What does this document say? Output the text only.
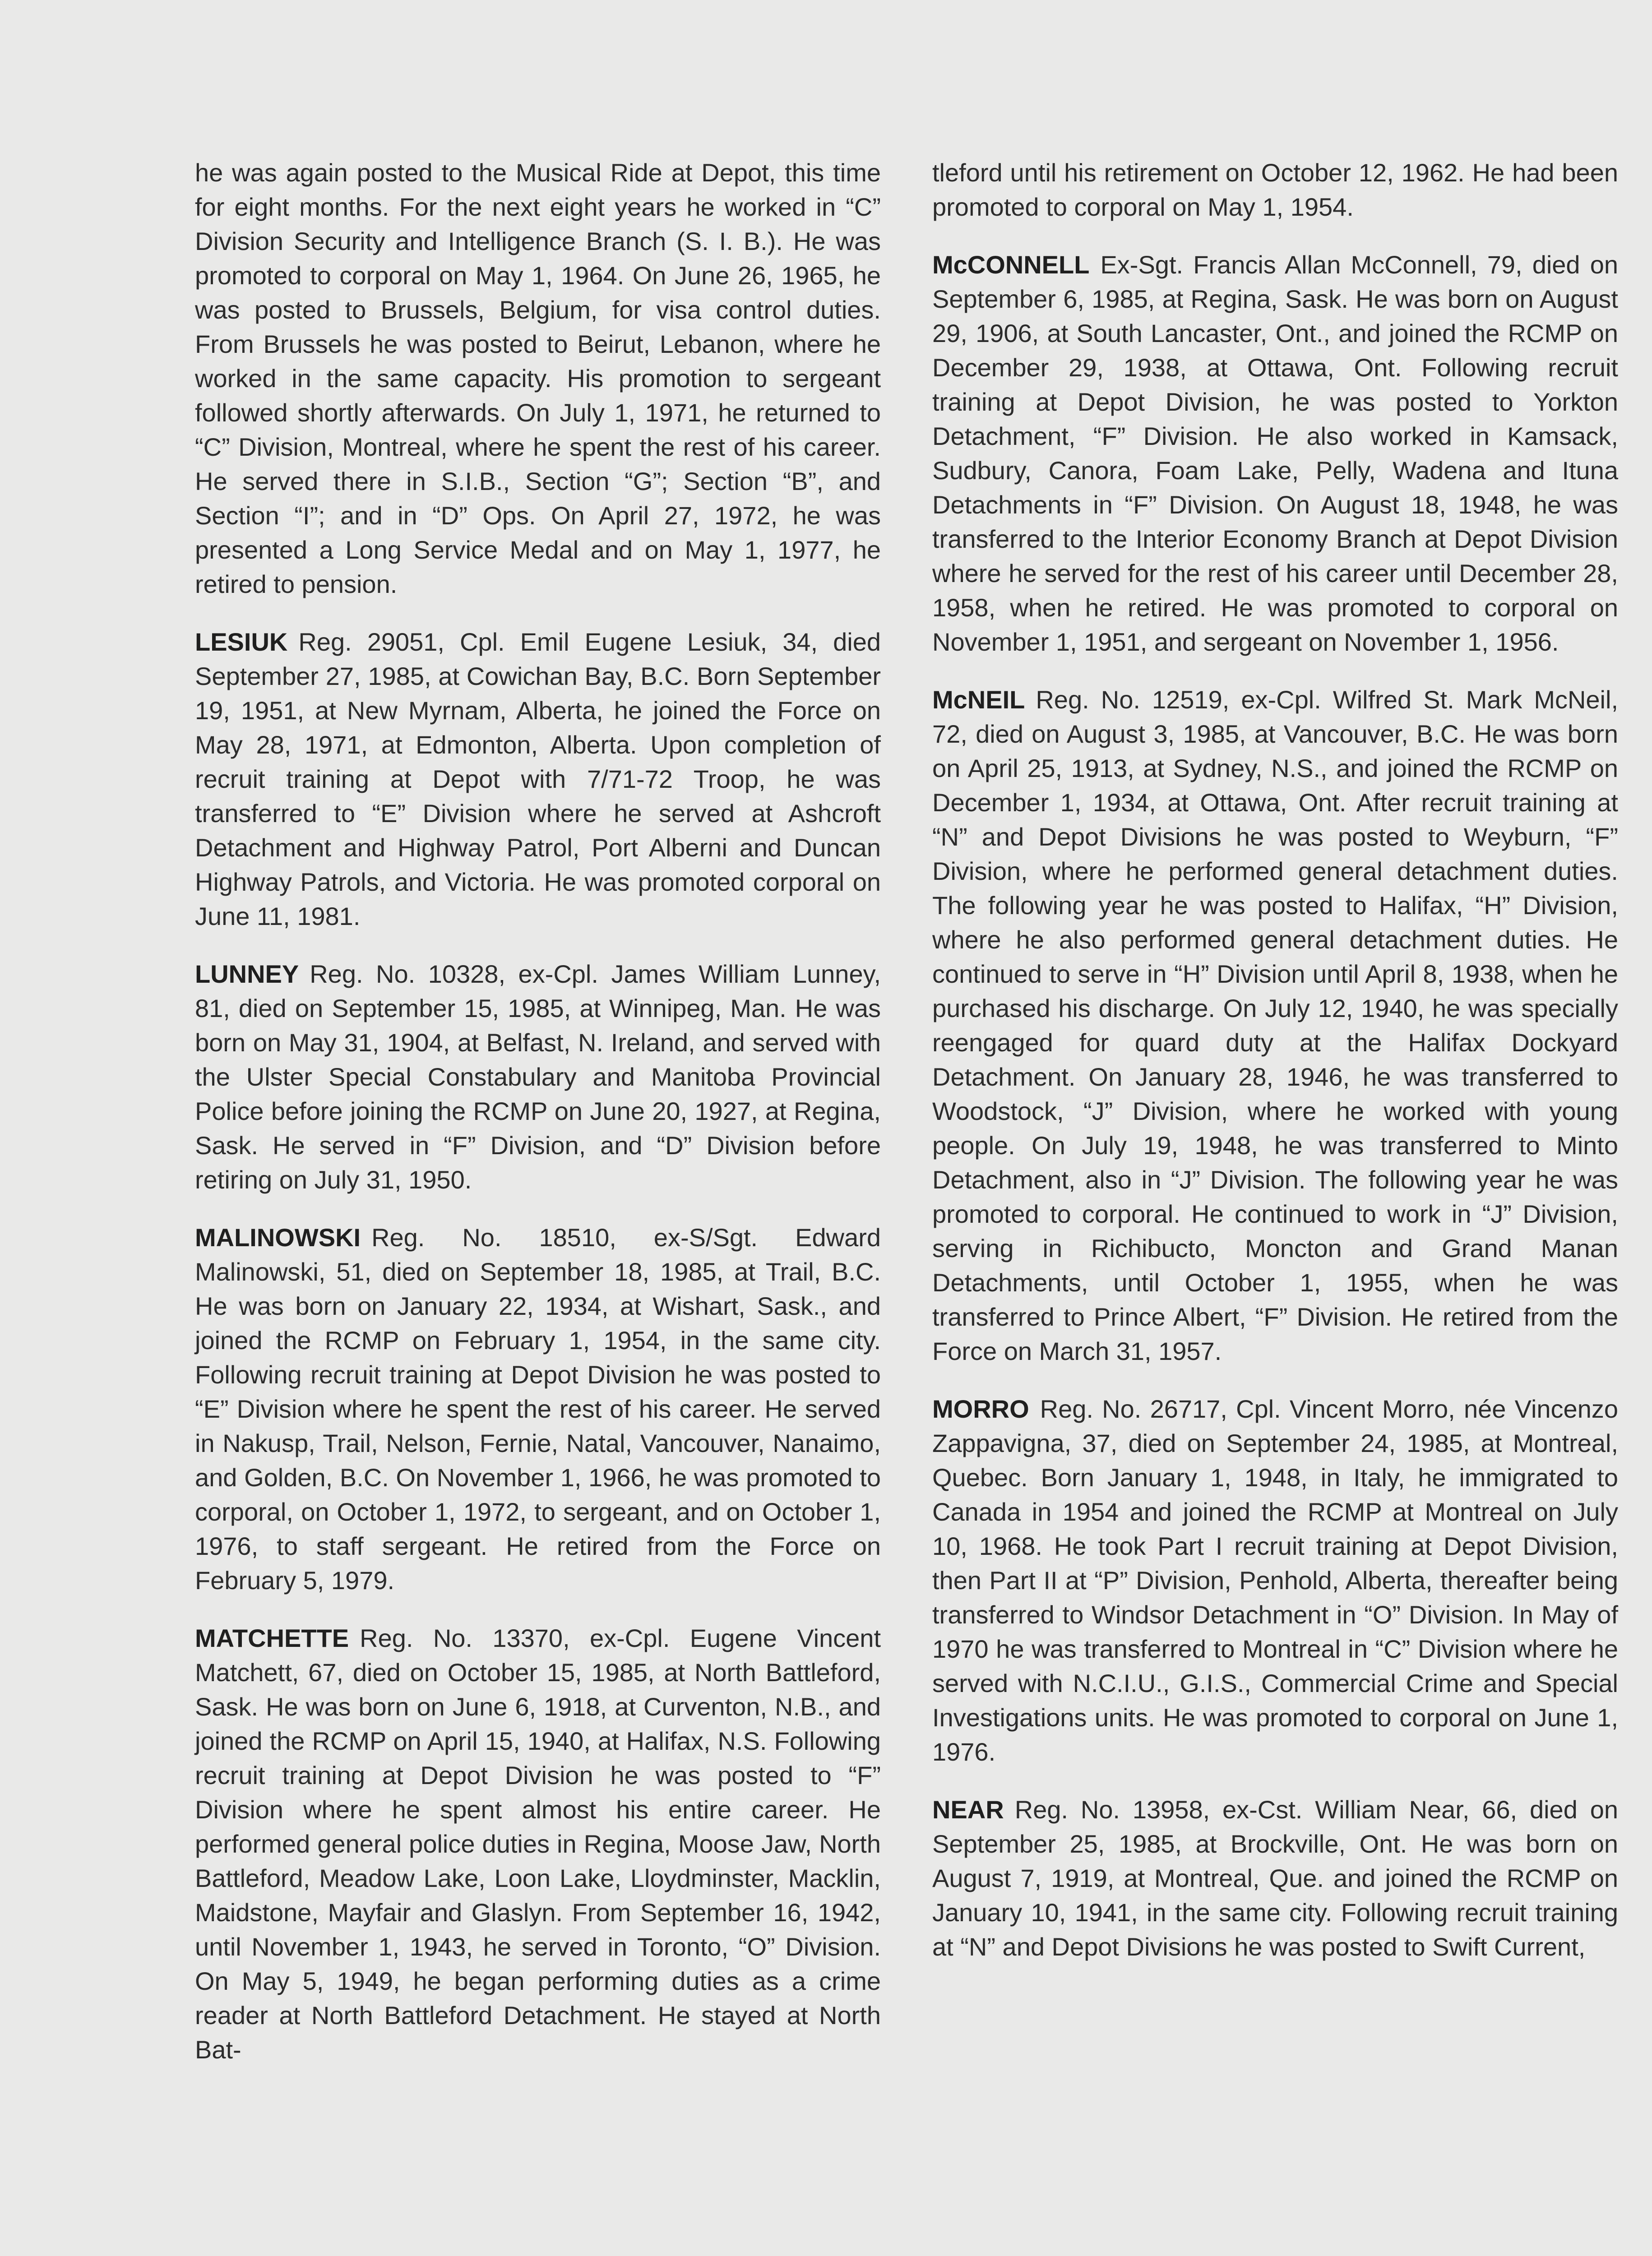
he was again posted to the Musical Ride at Depot, this time for eight months. For the next eight years he worked in “C” Division Security and Intelligence Branch (S. I. B.). He was promoted to corporal on May 1, 1964. On June 26, 1965, he was posted to Brussels, Belgium, for visa control duties. From Brussels he was posted to Beirut, Lebanon, where he worked in the same capacity. His promotion to sergeant followed shortly afterwards. On July 1, 1971, he returned to “C” Division, Montreal, where he spent the rest of his career. He served there in S.I.B., Section “G”; Section “B”, and Section “I”; and in “D” Ops. On April 27, 1972, he was presented a Long Service Medal and on May 1, 1977, he retired to pension.

LESIUK Reg. 29051, Cpl. Emil Eugene Lesiuk, 34, died September 27, 1985, at Cowichan Bay, B.C. Born September 19, 1951, at New Myrnam, Alberta, he joined the Force on May 28, 1971, at Edmonton, Alberta. Upon completion of recruit training at Depot with 7/71-72 Troop, he was transferred to “E” Division where he served at Ashcroft Detachment and Highway Patrol, Port Alberni and Duncan Highway Patrols, and Victoria. He was promoted corporal on June 11, 1981.

LUNNEY Reg. No. 10328, ex-Cpl. James William Lunney, 81, died on September 15, 1985, at Winnipeg, Man. He was born on May 31, 1904, at Belfast, N. Ireland, and served with the Ulster Special Constabulary and Manitoba Provincial Police before joining the RCMP on June 20, 1927, at Regina, Sask. He served in “F” Division, and “D” Division before retiring on July 31, 1950.

MALINOWSKI Reg. No. 18510, ex-S/Sgt. Edward Malinowski, 51, died on September 18, 1985, at Trail, B.C. He was born on January 22, 1934, at Wishart, Sask., and joined the RCMP on February 1, 1954, in the same city. Following recruit training at Depot Division he was posted to “E” Division where he spent the rest of his career. He served in Nakusp, Trail, Nelson, Fernie, Natal, Vancouver, Nanaimo, and Golden, B.C. On November 1, 1966, he was promoted to corporal, on October 1, 1972, to sergeant, and on October 1, 1976, to staff sergeant. He retired from the Force on February 5, 1979.

MATCHETTE Reg. No. 13370, ex-Cpl. Eugene Vincent Matchett, 67, died on October 15, 1985, at North Battleford, Sask. He was born on June 6, 1918, at Curventon, N.B., and joined the RCMP on April 15, 1940, at Halifax, N.S. Following recruit training at Depot Division he was posted to “F” Division where he spent almost his entire career. He performed general police duties in Regina, Moose Jaw, North Battleford, Meadow Lake, Loon Lake, Lloydminster, Macklin, Maidstone, Mayfair and Glaslyn. From September 16, 1942, until November 1, 1943, he served in Toronto, “O” Division. On May 5, 1949, he began performing duties as a crime reader at North Battleford Detachment. He stayed at North Bat-

tleford until his retirement on October 12, 1962. He had been promoted to corporal on May 1, 1954.

McCONNELL Ex-Sgt. Francis Allan McConnell, 79, died on September 6, 1985, at Regina, Sask. He was born on August 29, 1906, at South Lancaster, Ont., and joined the RCMP on December 29, 1938, at Ottawa, Ont. Following recruit training at Depot Division, he was posted to Yorkton Detachment, “F” Division. He also worked in Kamsack, Sudbury, Canora, Foam Lake, Pelly, Wadena and Ituna Detachments in “F” Division. On August 18, 1948, he was transferred to the Interior Economy Branch at Depot Division where he served for the rest of his career until December 28, 1958, when he retired. He was promoted to corporal on November 1, 1951, and sergeant on November 1, 1956.

McNEIL Reg. No. 12519, ex-Cpl. Wilfred St. Mark McNeil, 72, died on August 3, 1985, at Vancouver, B.C. He was born on April 25, 1913, at Sydney, N.S., and joined the RCMP on December 1, 1934, at Ottawa, Ont. After recruit training at “N” and Depot Divisions he was posted to Weyburn, “F” Division, where he performed general detachment duties. The following year he was posted to Halifax, “H” Division, where he also performed general detachment duties. He continued to serve in “H” Division until April 8, 1938, when he purchased his discharge. On July 12, 1940, he was specially reengaged for quard duty at the Halifax Dockyard Detachment. On January 28, 1946, he was transferred to Woodstock, “J” Division, where he worked with young people. On July 19, 1948, he was transferred to Minto Detachment, also in “J” Division. The following year he was promoted to corporal. He continued to work in “J” Division, serving in Richibucto, Moncton and Grand Manan Detachments, until October 1, 1955, when he was transferred to Prince Albert, “F” Division. He retired from the Force on March 31, 1957.

MORRO Reg. No. 26717, Cpl. Vincent Morro, née Vincenzo Zappavigna, 37, died on September 24, 1985, at Montreal, Quebec. Born January 1, 1948, in Italy, he immigrated to Canada in 1954 and joined the RCMP at Montreal on July 10, 1968. He took Part I recruit training at Depot Division, then Part II at “P” Division, Penhold, Alberta, thereafter being transferred to Windsor Detachment in “O” Division. In May of 1970 he was transferred to Montreal in “C” Division where he served with N.C.I.U., G.I.S., Commercial Crime and Special Investigations units. He was promoted to corporal on June 1, 1976.

NEAR Reg. No. 13958, ex-Cst. William Near, 66, died on September 25, 1985, at Brockville, Ont. He was born on August 7, 1919, at Montreal, Que. and joined the RCMP on January 10, 1941, in the same city. Following recruit training at “N” and Depot Divisions he was posted to Swift Current,
